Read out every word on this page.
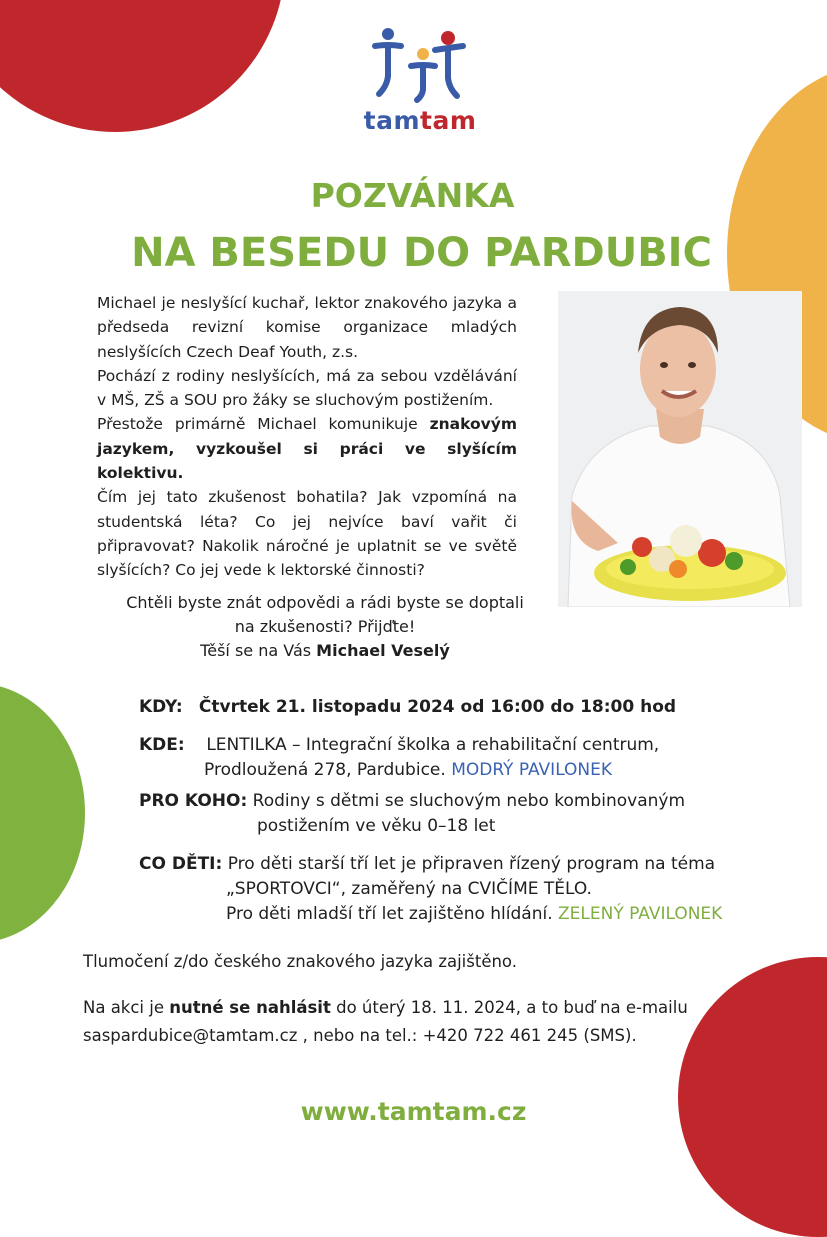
tamtam
POZVÁNKA
NA BESEDU DO PARDUBIC

Michael je neslyšící kuchař, lektor znakového jazyka a předseda revizní komise organizace mladých neslyšících Czech Deaf Youth, z.s.

Pochází z rodiny neslyšících, má za sebou vzdělávání v MŠ, ZŠ a SOU pro žáky se sluchovým postižením.

Přestože primárně Michael komunikuje znakovým jazykem, vyzkoušel si práci ve slyšícím kolektivu.

Čím jej tato zkušenost bohatila? Jak vzpomíná na studentská léta? Co jej nejvíce baví vařit či připravovat? Nakolik náročné je uplatnit se ve světě slyšících? Co jej vede k lektorské činnosti?

Chtěli byste znát odpovědi a rádi byste se doptali
na zkušenosti? Přijďte!
Těší se na Vás Michael Veselý
KDY: Čtvrtek 21. listopadu 2024 od 16:00 do 18:00 hod
KDE: LENTILKA – Integrační školka a rehabilitační centrum,
Prodloužená 278, Pardubice. MODRÝ PAVILONEK
PRO KOHO: Rodiny s dětmi se sluchovým nebo kombinovaným
postižením ve věku 0–18 let
CO DĚTI: Pro děti starší tří let je připraven řízený program na téma
„SPORTOVCI“, zaměřený na CVIČÍME TĚLO.
Pro děti mladší tří let zajištěno hlídání. ZELENÝ PAVILONEK
Tlumočení z/do českého znakového jazyka zajištěno.
Na akci je nutné se nahlásit do úterý 18. 11. 2024, a to buď na e-mailu
saspardubice@tamtam.cz , nebo na tel.: +420 722 461 245 (SMS).
www.tamtam.cz
